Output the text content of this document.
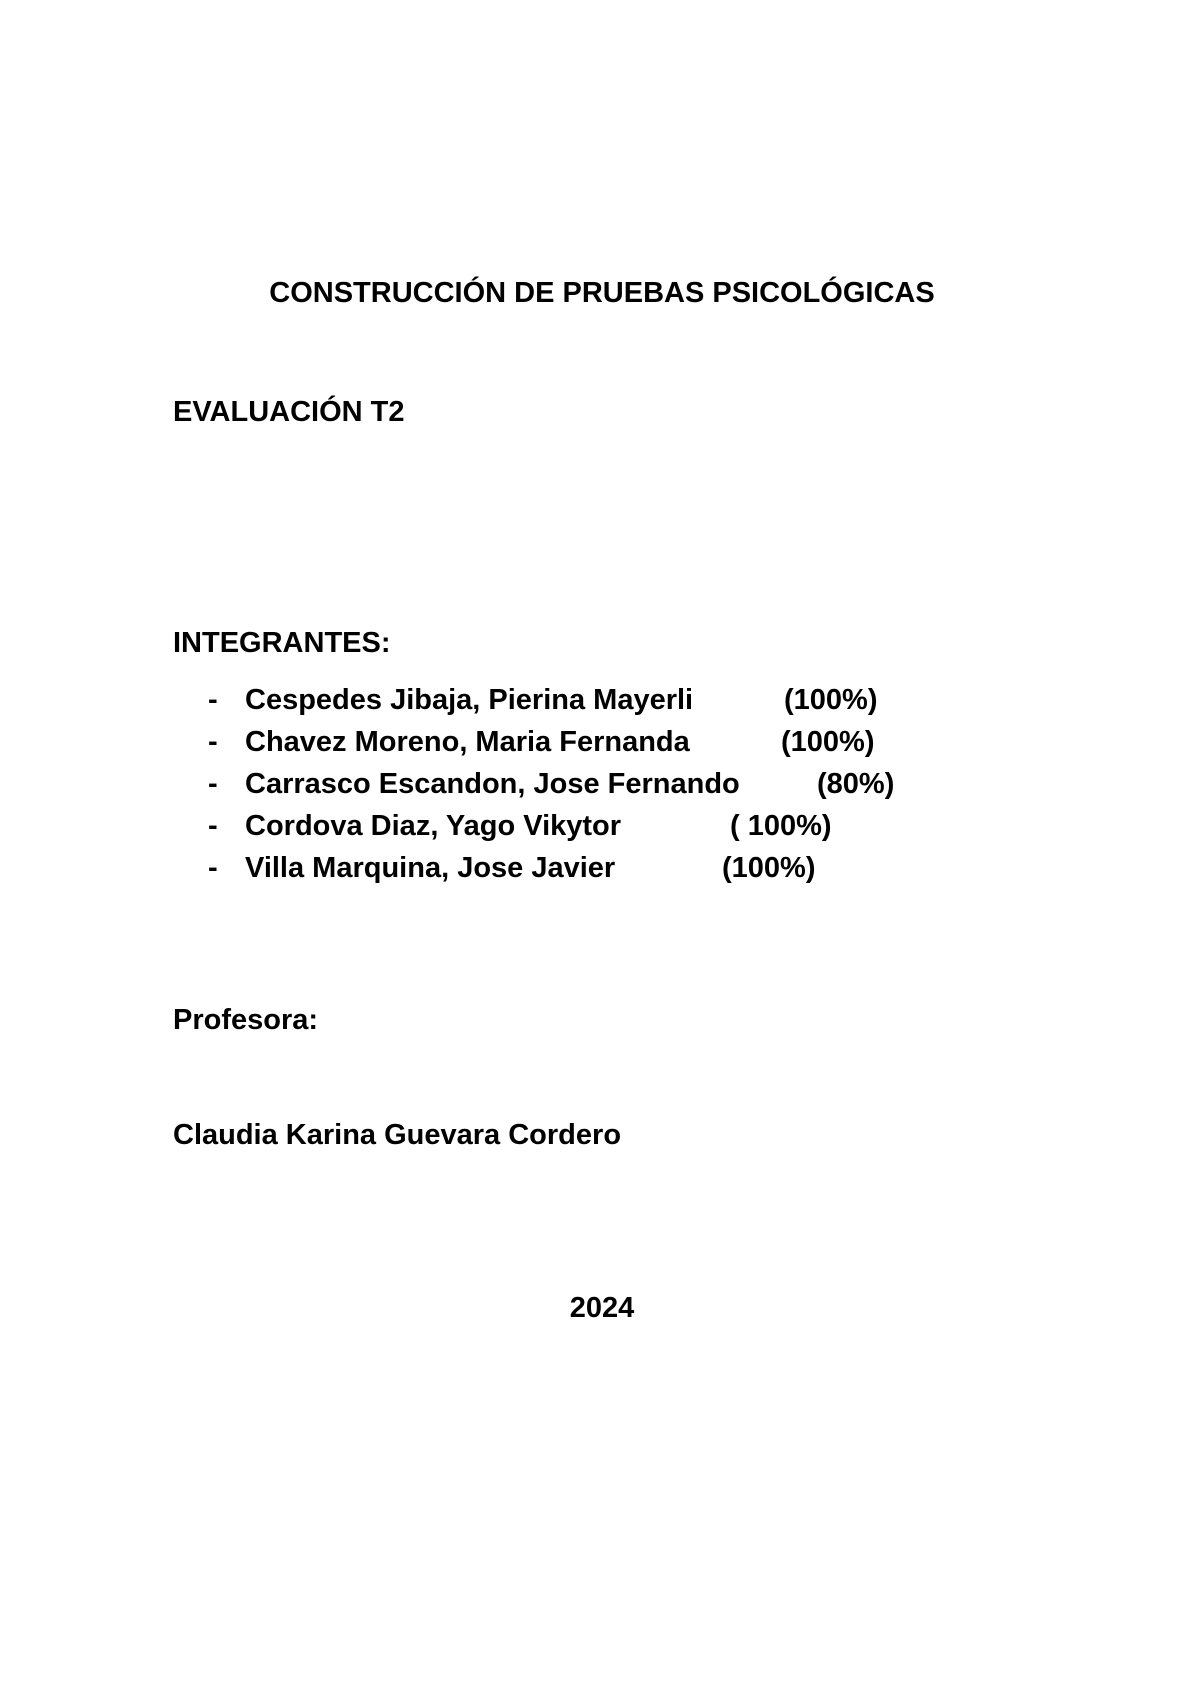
CONSTRUCCIÓN DE PRUEBAS PSICOLÓGICAS
EVALUACIÓN T2
INTEGRANTES:

-

Cespedes Jibaja, Pierina Mayerli

	(100%)

-

Chavez Moreno, Maria Fernanda

	(100%)

-

Carrasco Escandon, Jose Fernando

	(80%)

-

Cordova Diaz, Yago Vikytor

	( 100%)

-

Villa Marquina, Jose Javier

	(100%)

Profesora:
Claudia Karina Guevara Cordero
2024
